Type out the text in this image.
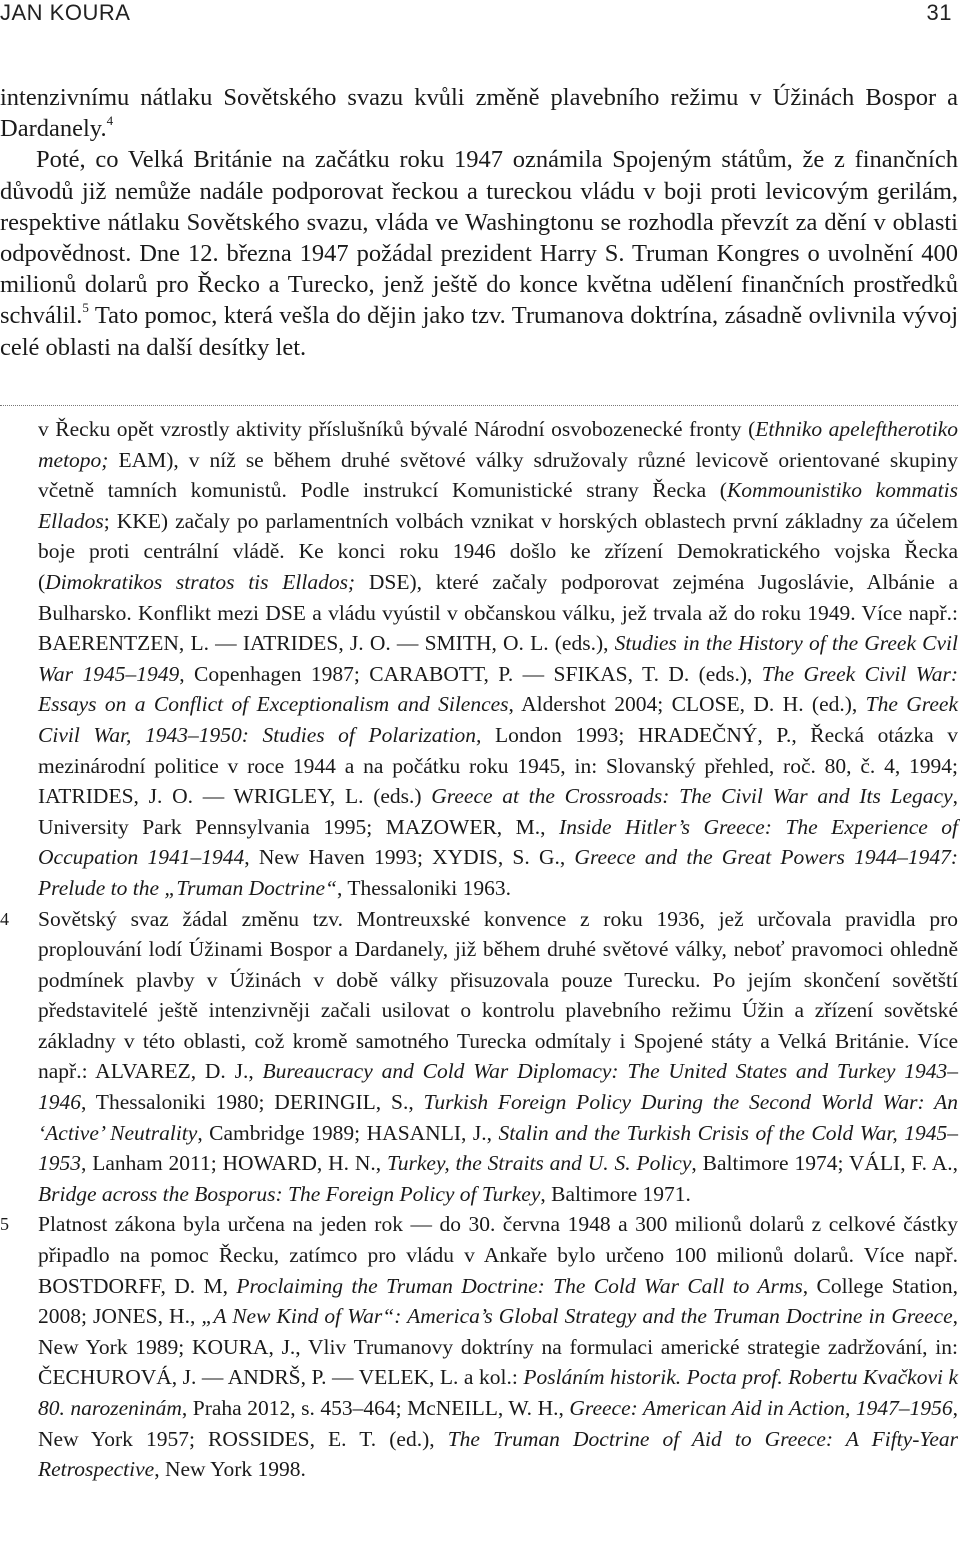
JAN KOURA	31

intenzivnímu nátlaku Sovětského svazu kvůli změně plavebního režimu v Úžinách Bospor a Dardanely.$^4$

Poté, co Velká Británie na začátku roku 1947 oznámila Spojeným státům, že z finančních důvodů již nemůže nadále podporovat řeckou a tureckou vládu v boji proti levicovým gerilám, respektive nátlaku Sovětského svazu, vláda ve Washingtonu se rozhodla převzít za dění v oblasti odpovědnost. Dne 12. března 1947 požádal prezident Harry S. Truman Kongres o uvolnění 400 milionů dolarů pro Řecko a Turecko, jenž ještě do konce května udělení finančních prostředků schválil.$^5$ Tato pomoc, která vešla do dějin jako tzv. Trumanova doktrína, zásadně ovlivnila vývoj celé oblasti na další desítky let.

v Řecku opět vzrostly aktivity příslušníků bývalé Národní osvobozenecké fronty (Ethniko apeleftherotiko metopo; EAM), v níž se během druhé světové války sdružovaly různé levicově orientované skupiny včetně tamních komunistů. Podle instrukcí Komunistické strany Řecka (Kommounistiko kommatis Ellados; KKE) začaly po parlamentních volbách vznikat v horských oblastech první základny za účelem boje proti centrální vládě. Ke konci roku 1946 došlo ke zřízení Demokratického vojska Řecka (Dimokratikos stratos tis Ellados; DSE), které začaly podporovat zejména Jugoslávie, Albánie a Bulharsko. Konflikt mezi DSE a vládu vyústil v občanskou válku, jež trvala až do roku 1949. Více např.: BAERENTZEN, L. — IATRIDES, J. O. — SMITH, O. L. (eds.), Studies in the History of the Greek Cvil War 1945–1949, Copenhagen 1987; CARABOTT, P. — SFIKAS, T. D. (eds.), The Greek Civil War: Essays on a Conflict of Exceptionalism and Silences, Aldershot 2004; CLOSE, D. H. (ed.), The Greek Civil War, 1943–1950: Studies of Polarization, London 1993; HRADEČNÝ, P., Řecká otázka v mezinárodní politice v roce 1944 a na počátku roku 1945, in: Slovanský přehled, roč. 80, č. 4, 1994; IATRIDES, J. O. — WRIGLEY, L. (eds.) Greece at the Crossroads: The Civil War and Its Legacy, University Park Pennsylvania 1995; MAZOWER, M., Inside Hitler’s Greece: The Experience of Occupation 1941–1944, New Haven 1993; XYDIS, S. G., Greece and the Great Powers 1944–1947: Prelude to the „Truman Doctrine“, Thessaloniki 1963.

4 Sovětský svaz žádal změnu tzv. Montreuxské konvence z roku 1936, jež určovala pravidla pro proplouvání lodí Úžinami Bospor a Dardanely, již během druhé světové války, neboť pravomoci ohledně podmínek plavby v Úžinách v době války přisuzovala pouze Turecku. Po jejím skončení sovětští představitelé ještě intenzivněji začali usilovat o kontrolu plavebního režimu Úžin a zřízení sovětské základny v této oblasti, což kromě samotného Turecka odmítaly i Spojené státy a Velká Británie. Více např.: ALVAREZ, D. J., Bureaucracy and Cold War Diplomacy: The United States and Turkey 1943–1946, Thessaloniki 1980; DERINGIL, S., Turkish Foreign Policy During the Second World War: An ‘Active’ Neutrality, Cambridge 1989; HASANLI, J., Stalin and the Turkish Crisis of the Cold War, 1945–1953, Lanham 2011; HOWARD, H. N., Turkey, the Straits and U. S. Policy, Baltimore 1974; VÁLI, F. A., Bridge across the Bosporus: The Foreign Policy of Turkey, Baltimore 1971.

5 Platnost zákona byla určena na jeden rok — do 30. června 1948 a 300 milionů dolarů z celkové částky připadlo na pomoc Řecku, zatímco pro vládu v Ankaře bylo určeno 100 milionů dolarů. Více např. BOSTDORFF, D. M, Proclaiming the Truman Doctrine: The Cold War Call to Arms, College Station, 2008; JONES, H., „A New Kind of War“: America’s Global Strategy and the Truman Doctrine in Greece, New York 1989; KOURA, J., Vliv Trumanovy doktríny na formulaci americké strategie zadržování, in: ČECHUROVÁ, J. — ANDRŠ, P. — VELEK, L. a kol.: Posláním historik. Pocta prof. Robertu Kvačkovi k 80. narozeninám, Praha 2012, s. 453–464; McNEILL, W. H., Greece: American Aid in Action, 1947–1956, New York 1957; ROSSIDES, E. T. (ed.), The Truman Doctrine of Aid to Greece: A Fifty-Year Retrospective, New York 1998.
